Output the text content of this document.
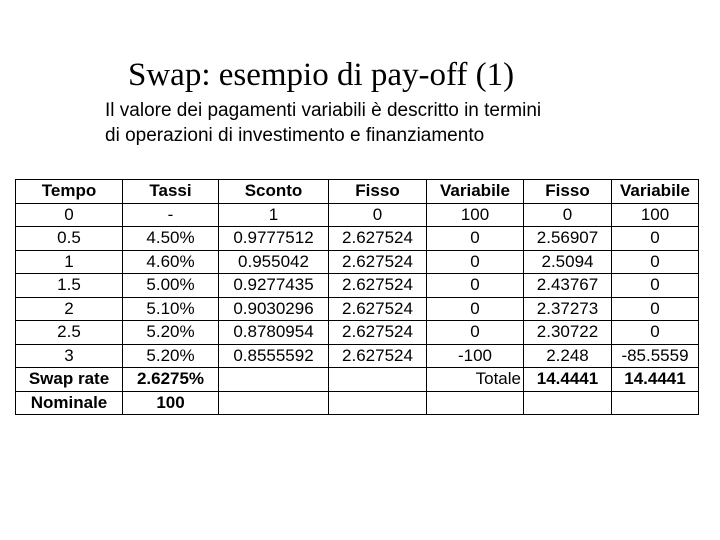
Swap: esempio di pay-off (1)
Il valore dei pagamenti variabili è descritto in termini
di operazioni di investimento e finanziamento
Tempo	Tassi	Sconto	Fisso	Variabile	Fisso	Variabile
0	-	1	0	100	0	100
0.5	4.50%	0.9777512	2.627524	0	2.56907	0
1	4.60%	0.955042	2.627524	0	2.5094	0
1.5	5.00%	0.9277435	2.627524	0	2.43767	0
2	5.10%	0.9030296	2.627524	0	2.37273	0
2.5	5.20%	0.8780954	2.627524	0	2.30722	0
3	5.20%	0.8555592	2.627524	-100	2.248	-85.5559
Swap rate	2.6275%			Totale	14.4441	14.4441
Nominale	100					
